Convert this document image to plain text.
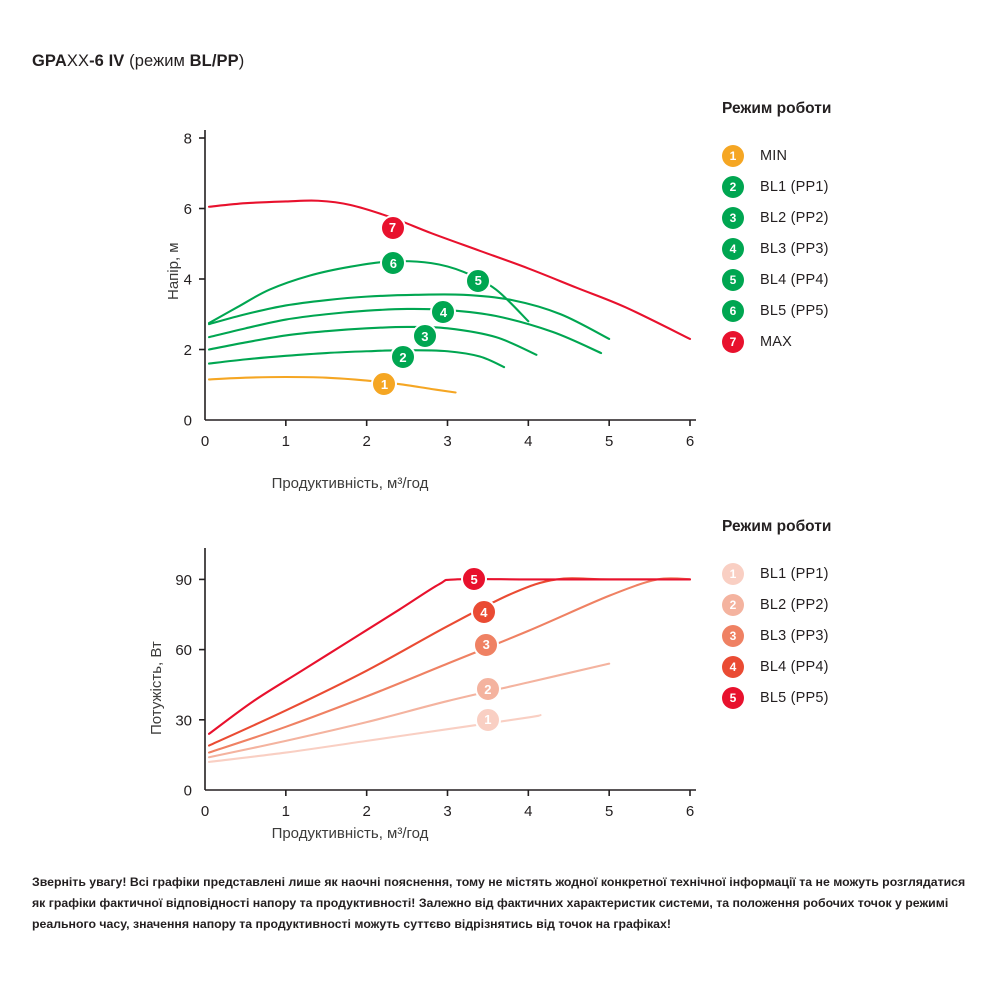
GPAXX-6 IV (режим BL/PP)
0
2
4
6
8
0	1	2	3	4	5	6
Продуктивність, м³/год
Напір, м
0
30
60
90
0	1	2	3	4	5	6
Продуктивність, м³/год
Потужість, Вт
Режим роботи
1	MIN
2	BL1 (PP1)
3	BL2 (PP2)
4	BL3 (PP3)
5	BL4 (PP4)
6	BL5 (PP5)
7	MAX
Режим роботи
1	BL1 (PP1)
2	BL2 (PP2)
3	BL3 (PP3)
4	BL4 (PP4)
5	BL5 (PP5)
Зверніть увагу! Всі графіки представлені лише як наочні пояснення, тому не містять жодної конкретної технічної інформації та не можуть розглядатися як графіки фактичної відповідності напору та продуктивності! Залежно від фактичних характеристик системи, та положення робочих точок у режимі реального часу, значення напору та продуктивності можуть суттєво відрізнятись від точок на графіках!
1
2
3
4
5
6
7
1
2
3
4
5
